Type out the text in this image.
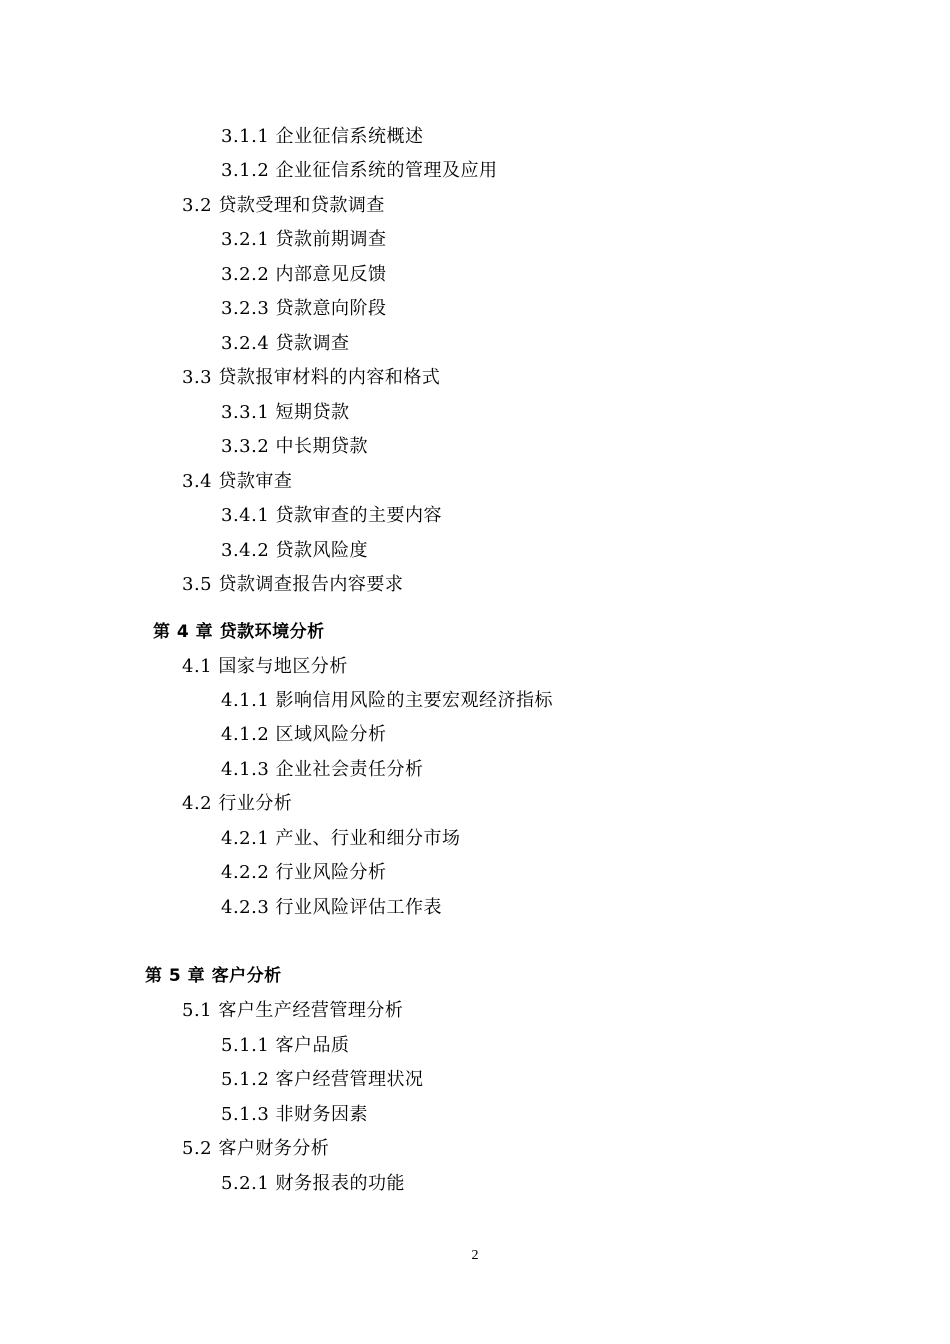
3.1.1 企业征信系统概述
3.1.2 企业征信系统的管理及应用
3.2 贷款受理和贷款调查
3.2.1 贷款前期调查
3.2.2 内部意见反馈
3.2.3 贷款意向阶段
3.2.4 贷款调查
3.3 贷款报审材料的内容和格式
3.3.1 短期贷款
3.3.2 中长期贷款
3.4 贷款审查
3.4.1 贷款审查的主要内容
3.4.2 贷款风险度
3.5 贷款调查报告内容要求
第 4 章 贷款环境分析
4.1 国家与地区分析
4.1.1 影响信用风险的主要宏观经济指标
4.1.2 区域风险分析
4.1.3 企业社会责任分析
4.2 行业分析
4.2.1 产业、行业和细分市场
4.2.2 行业风险分析
4.2.3 行业风险评估工作表
第 5 章 客户分析
5.1 客户生产经营管理分析
5.1.1 客户品质
5.1.2 客户经营管理状况
5.1.3 非财务因素
5.2 客户财务分析
5.2.1 财务报表的功能
2
